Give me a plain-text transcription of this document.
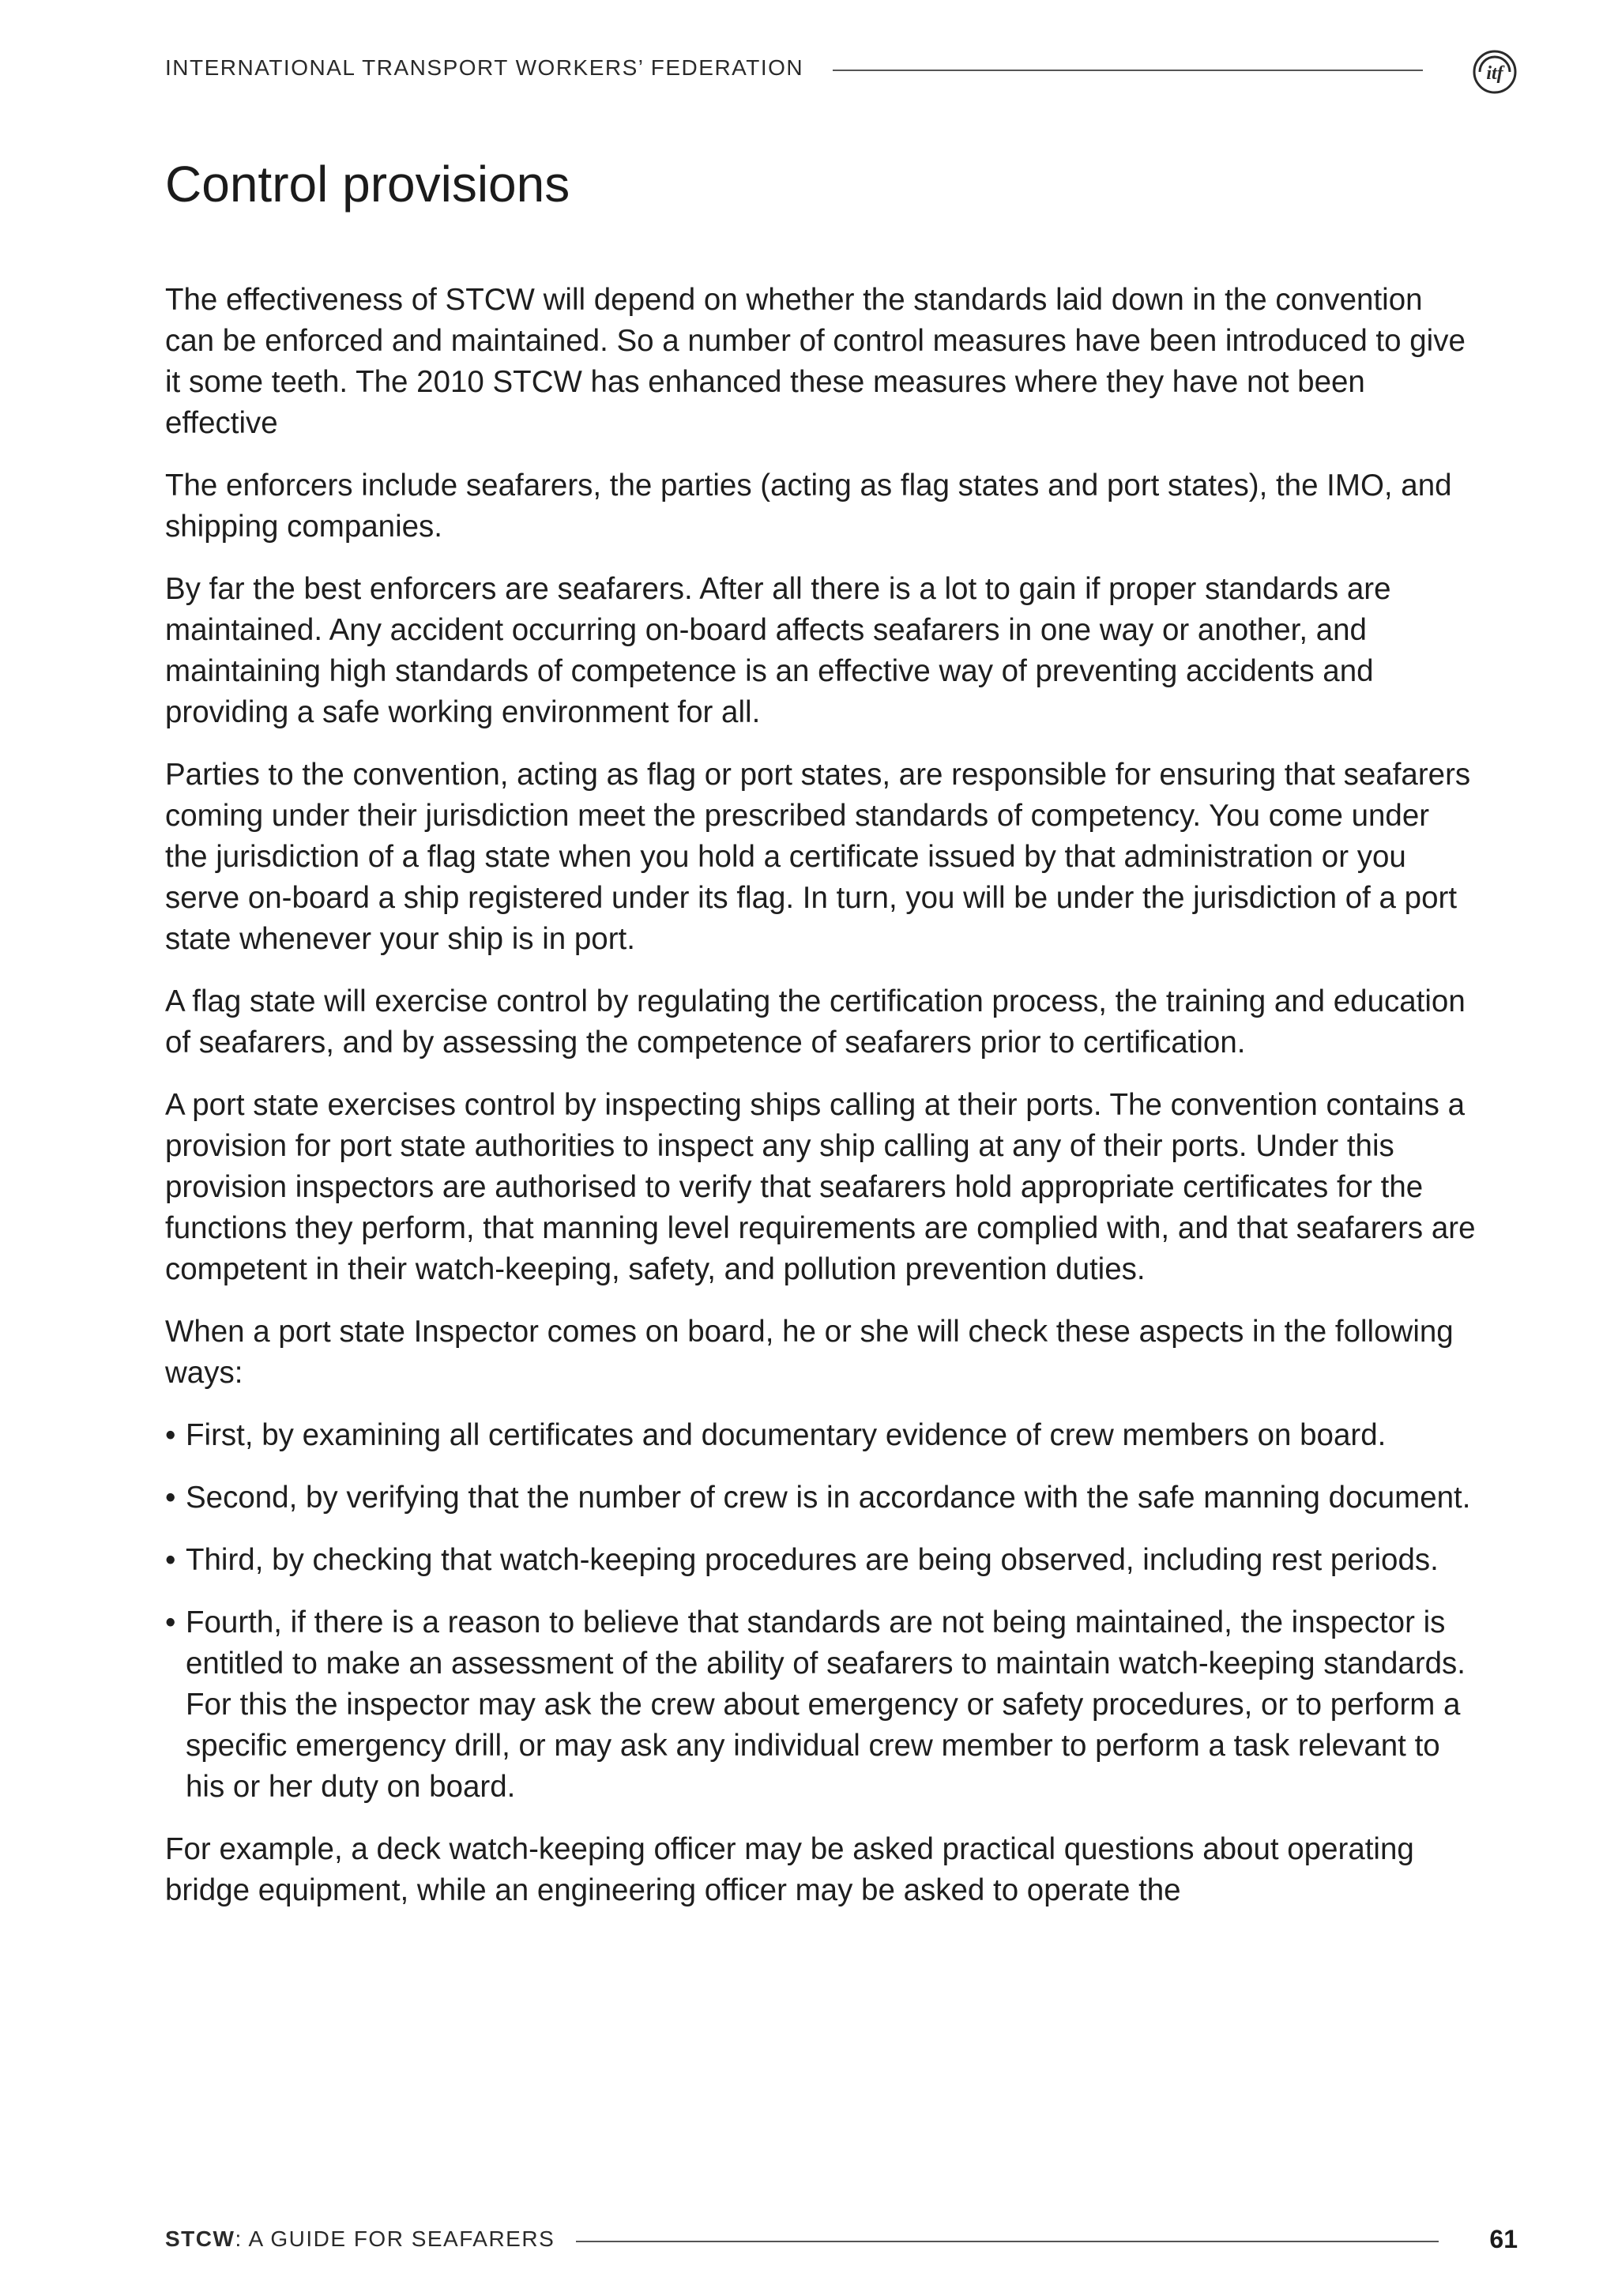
INTERNATIONAL TRANSPORT WORKERS’ FEDERATION	itf
Control provisions

The effectiveness of STCW will depend on whether the standards laid down in the convention can be enforced and maintained. So a number of control measures have been introduced to give it some teeth. The 2010 STCW has enhanced these measures where they have not been effective

The enforcers include seafarers, the parties (acting as flag states and port states), the IMO, and shipping companies.

By far the best enforcers are seafarers. After all there is a lot to gain if proper standards are maintained. Any accident occurring on-board affects seafarers in one way or another, and maintaining high standards of competence is an effective way of preventing accidents and providing a safe working environment for all.

Parties to the convention, acting as flag or port states, are responsible for ensuring that seafarers coming under their jurisdiction meet the prescribed standards of competency. You come under the jurisdiction of a flag state when you hold a certificate issued by that administration or you serve on-board a ship registered under its flag. In turn, you will be under the jurisdiction of a port state whenever your ship is in port.

A flag state will exercise control by regulating the certification process, the training and education of seafarers, and by assessing the competence of seafarers prior to certification.

A port state exercises control by inspecting ships calling at their ports. The convention contains a provision for port state authorities to inspect any ship calling at any of their ports. Under this provision inspectors are authorised to verify that seafarers hold appropriate certificates for the functions they perform, that manning level requirements are complied with, and that seafarers are competent in their watch-keeping, safety, and pollution prevention duties.

When a port state Inspector comes on board, he or she will check these aspects in the following ways:

• First, by examining all certificates and documentary evidence of crew members on board.
• Second, by verifying that the number of crew is in accordance with the safe manning document.
• Third, by checking that watch-keeping procedures are being observed, including rest periods.
• Fourth, if there is a reason to believe that standards are not being maintained, the inspector is entitled to make an assessment of the ability of seafarers to maintain watch-keeping standards. For this the inspector may ask the crew about emergency or safety procedures, or to perform a specific emergency drill, or may ask any individual crew member to perform a task relevant to his or her duty on board.

For example, a deck watch-keeping officer may be asked practical questions about operating bridge equipment, while an engineering officer may be asked to operate the

STCW: A GUIDE FOR SEAFARERS	61
